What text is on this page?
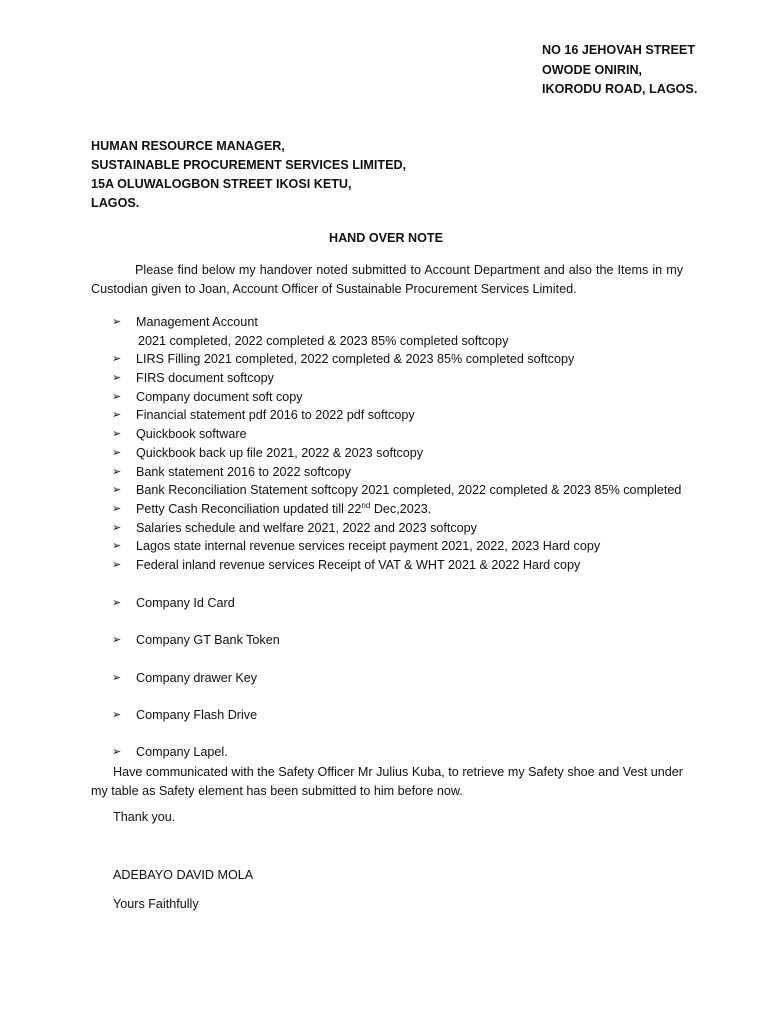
NO 16 JEHOVAH STREET
OWODE ONIRIN,
IKORODU ROAD, LAGOS.
HUMAN RESOURCE MANAGER,
SUSTAINABLE PROCUREMENT SERVICES LIMITED,
15A OLUWALOGBON STREET IKOSI KETU,
LAGOS.
HAND OVER NOTE
Please find below my handover noted submitted to Account Department and also the Items in my Custodian given to Joan, Account Officer of Sustainable Procurement Services Limited.
➢ Management Account
2021 completed, 2022 completed & 2023 85% completed softcopy
➢ LIRS Filling 2021 completed, 2022 completed & 2023 85% completed softcopy
➢ FIRS document softcopy
➢ Company document soft copy
➢ Financial statement pdf 2016 to 2022 pdf softcopy
➢ Quickbook software
➢ Quickbook back up file 2021, 2022 & 2023 softcopy
➢ Bank statement 2016 to 2022 softcopy
➢ Bank Reconciliation Statement softcopy 2021 completed, 2022 completed & 2023 85% completed
➢ Petty Cash Reconciliation updated till 22nd Dec,2023.
➢ Salaries schedule and welfare 2021, 2022 and 2023 softcopy
➢ Lagos state internal revenue services receipt payment 2021, 2022, 2023 Hard copy
➢ Federal inland revenue services Receipt of VAT & WHT 2021 & 2022 Hard copy
➢ Company Id Card
➢ Company GT Bank Token
➢ Company drawer Key
➢ Company Flash Drive
➢ Company Lapel.
Have communicated with the Safety Officer Mr Julius Kuba, to retrieve my Safety shoe and Vest under my table as Safety element has been submitted to him before now.
Thank you.
ADEBAYO DAVID MOLA
Yours Faithfully
